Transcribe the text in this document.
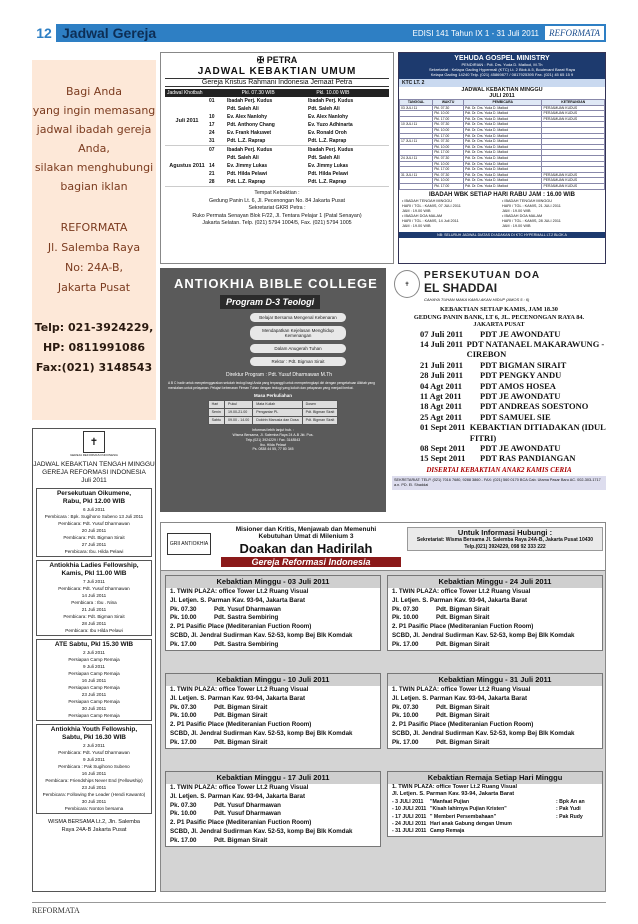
12 Jadwal Gereja	EDISI 141 Tahun IX 1 - 31 Juli 2011	REFORMATA
Bagi Anda
yang ingin memasang
jadwal ibadah gereja
Anda,
silakan menghubungi
bagian iklan
REFORMATA
Jl. Salemba Raya
No: 24A-B,
Jakarta Pusat
Telp: 021-3924229,
HP: 0811991086
Fax:(021) 3148543
✝
GEREJA REFORMASI INDONESIA
JADWAL KEBAKTIAN TENGAH MINGGU
GEREJA REFORMASI INDONESIA
Juli 2011
Persekutuan Oikumene,
Rabu, Pkl 12.00 WIB
6 Juli 2011
Pembicara : Bpk. Sugihono Subeno 13 Juli 2011
Pembicara: Pdt. Yusuf Dharmawan
20 Juli 2011
Pembicara: Pdt. Bigman Sirait
27 Juli 2011
Pembicara: Ibu. Hilda Pelawi
Antiokhia Ladies Fellowship,
Kamis, Pkl 11.00 WIB
7 Juli 2011
Pembicara: Pdt. Yusuf Dharmawan
14 Juli 2011
Pembicara : Ibu . Nina
21 Juli 2011
Pembicara: Pdt. Bigman Sirait
28 Juli 2011
Pembicara: Ibu Hilda Pelawi
ATE Sabtu, Pkl 15.30 WIB
2 Juli 2011
Persiapan Camp Remaja
9 Juli 2011
Persiapan Camp Remaja
16 Juli 2011
Persiapan Camp Remaja
23 Juli 2011
Persiapan Camp Remaja
30 Juli 2011
Persiapan Camp Remaja
Antiokhia Youth Fellowship,
Sabtu, Pkl 16.30 WIB
2 Juli 2011
Pembicara: Pdt. Yusuf Dharmawan
9 Juli 2011
Pembicara : Pak Sugihono Subeno
16 Juli 2011
Pembicara: Friendships Never End (Fellowship)
23 Juli 2011
Pembicara: Following the Leader (Hendi Kawanto)
30 Juli 2011
Pembicara: Nonton bersama
WISMA BERSAMA Lt.2, Jln. Salemba
Raya 24A-B Jakarta Pusat
✠ PETRA
JADWAL KEBAKTIAN UMUM
Gereja Kristus Rahmani Indonesia Jemaat Petra
Jadwal Khotbah	Pkl. 07.30 WIB	Pkl. 10.00 WIB
Juli 2011
01	Ibadah Perj. Kudus	Ibadah Perj. Kudus
Pdt. Saleh Ali	Pdt. Saleh Ali
10	Ev. Alex Nanlohy	Ev. Alex Nanlohy
17	Pdt. Anthony Chang	Ev. Yuzo Adhinarta
24	Ev. Frank Hakuwet	Ev. Ronald Oroh
31	Pdt. L.Z. Raprap	Pdt. L.Z. Raprap
Agustus 2011
07	Ibadah Perj. Kudus	Ibadah Perj. Kudus
Pdt. Saleh Ali	Pdt. Saleh Ali
14	Ev. Jimmy Lukas	Ev. Jimmy Lukas
21	Pdt. Hilda Pelawi	Pdt. Hilda Pelawi
28	Pdt. L.Z. Raprap	Pdt. L.Z. Raprap
Tempat Kebaktian :
Gedung Panin Lt. 6, Jl. Pecenongan No. 84 Jakarta Pusat
Sekretariat GKRI Petra :
Ruko Permata Senayan Blok F/22, Jl. Tentara Pelajar 1 (Patal Senayan)
Jakarta Selatan. Telp. (021) 5794 1004/5, Fax. (021) 5794 1005
YEHUDA GOSPEL MINISTRY
PENDIRIAN : Pdt. Drs. Yuda D. Mailool, M.Th
Sekretariat : Kelapa Gading Hypermall (KTC) Lt. 2 Blok A.5, Boulevard Barat Raya
Kelapa Gading 14240 Telp. (021) 45869877 / 0817925395 Fax. (021) 45 65 15 9
KTC LT. 2
JADWAL KEBAKTIAN MINGGU
JULI 2011
TANGGAL	WAKTU	PEMBICARA	KETERANGAN
03 JULI 11	Pkl. 07.30	Pdt. Dr. Drs. Yuda D. Mailool	PERJAMUAN KUDUS
	Pkl. 10.00	Pdt. Dr. Drs. Yuda D. Mailool	PERJAMUAN KUDUS
	Pkl. 17.00	Pdt. Dr. Drs. Yuda D. Mailool	PERJAMUAN KUDUS
10 JULI 11	Pkl. 07.30	Pdt. Dr. Drs. Yuda D. Mailool	
	Pkl. 10.00	Pdt. Dr. Drs. Yuda D. Mailool	
	Pkl. 17.00	Pdt. Dr. Drs. Yuda D. Mailool	
17 JULI 11	Pkl. 07.30	Pdt. Dr. Drs. Yuda D. Mailool	
	Pkl. 10.00	Pdt. Dr. Drs. Yuda D. Mailool	
	Pkl. 17.00	Pdt. Dr. Drs. Yuda D. Mailool	
24 JULI 11	Pkl. 07.30	Pdt. Dr. Drs. Yuda D. Mailool	
	Pkl. 10.00	Pdt. Dr. Drs. Yuda D. Mailool	
	Pkl. 17.00	Pdt. Dr. Drs. Yuda D. Mailool	
31 JULI 11	Pkl. 07.30	Pdt. Dr. Drs. Yuda D. Mailool	PERJAMUAN KUDUS
	Pkl. 10.00	Pdt. Dr. Drs. Yuda D. Mailool	PERJAMUAN KUDUS
	Pkl. 17.00	Pdt. Dr. Drs. Yuda D. Mailool	PERJAMUAN KUDUS
IBADAH WBK SETIAP HARI RABU JAM : 16.00 WIB
• IBADAH TENGAH MINGGU
HARI / TGL : KAMIS, 07 JULI 2011
JAM : 19.00 WIB
• IBADAH DOA MALAM
HARI / TGL : KAMIS, 14 Juli 2011
JAM : 19.00 WIB
• IBADAH TENGAH MINGGU
HARI / TGL : KAMIS, 21 JULI 2011
JAM : 19.00 WIB
• IBADAH DOA MALAM
HARI / TGL : KAMIS, 28 JULI 2011
JAM : 19.00 WIB
NB: SELURUH JADWAL DIATAS DI ADAKAN DI KTC HYPERMALL LT.2 BLOK A
ANTIOKHIA BIBLE COLLEGE
Program D-3 Teologi
Belajar Bersama Mengenal Kebenaran
Mendapatkan Kejelasan Menghidup Kemenangan
Dalam Anugerah Tuhan
Rektor : Pdt. Bigman Sirait
Direktur Program : Pdt. Yusuf Dharmawan M.Th
A B C hadir untuk menyelenggarakan sekolah teologi bagi Anda yang terpanggil untuk memperlengkapi diri dengan pengetahuan Alkitab yang mendalam untuk pelayanan. Pelajari kebenaran Firman Tuhan dengan teologi yang kokoh dan pelayanan yang menjadi berkat.
Masa Perkuliahan
Hari	Pukul	Mata Kuliah	Dosen
Senin	19.00-21.00	Pengantar PL	Pdt. Bigman Sirait
Sabtu	09.00 - 14.00	Doktrin Manusia dan Dosa	Pdt. Bigman Sirait
Informasi lebih lanjut hub. :
Wisma Bersama, Jl. Salemba Raya 24 A-B Jkt. Pus.
Telp.(021) 3924229 / Fax. 3148543
Ibu. Hilda Pelawi
Ps. 0838 44 55, 77 80 345
✝
PERSEKUTUAN DOA
EL SHADDAI
CAHAYA TUHAN MAKA KAMU AKAN HIDUP (AMOS 5 : 6)
KEBAKTIAN SETIAP KAMIS, JAM 18.30
GEDUNG PANIN BANK, LT 6, JL. PECENONGAN RAYA 84.
JAKARTA PUSAT
07 Juli 2011	PDT JE AWONDATU
14 Juli 2011 PDT NATANAEL MAKARAWUNG - CIREBON
21 Juli 2011	PDT BIGMAN SIRAIT
28 Juli 2011	PDT PENGKY ANDU
04 Agt 2011	PDT AMOS HOSEA
11 Agt 2011	PDT JE AWONDATU
18 Agt 2011	PDT ANDREAS SOESTONO
25 Agt 2011	PDT SAMUEL SIE
01 Sept 2011 KEBAKTIAN DITIADAKAN (IDUL FITRI)
08 Sept 2011	PDT JE AWONDATU
15 Sept 2011	PDT RAS PANDIANGAN
DISERTAI KEBAKTIAN ANAK2 KAMIS CERIA
SEKRETARIAT: TELP. (021) 7016 7680, 9288 3860 - FAX: (021) 560 0170 BCA Cab. Utama Pasar Baru AC. 002-303-1717 a.n. PD. El. Shaddai
GRII ANTIOKHIA
Misioner dan Kritis, Menjawab dan Memenuhi Kebutuhan Umat di Milenium 3
Doakan dan Hadirilah
Gereja Reformasi Indonesia
Untuk Informasi Hubungi :
Sekretariat: Wisma Bersama Jl. Salemba Raya 24A-B, Jakarta Pusat 10430
Telp.(021) 3924229, 098 92 333 222
Kebaktian Minggu - 03 Juli 2011
1. TWIN PLAZA: office Tower Lt.2 Ruang Visual
Jl. Letjen. S. Parman Kav. 93-94, Jakarta Barat
Pk. 07.30	Pdt. Yusuf Dharmawan
Pk. 10.00	Pdt. Sastra Sembiring
2. P1 Pasific Place (Mediteranian Fuction Room)
SCBD, Jl. Jendral Sudirman Kav. 52-53, komp Bej Blk Komdak
Pk. 17.00	Pdt. Sastra Sembiring
Kebaktian Minggu - 24 Juli 2011
1. TWIN PLAZA: office Tower Lt.2 Ruang Visual
Jl. Letjen. S. Parman Kav. 93-94, Jakarta Barat
Pk. 07.30	Pdt. Bigman Sirait
Pk. 10.00	Pdt. Bigman Sirait
2. P1 Pasific Place (Mediteranian Fuction Room)
SCBD, Jl. Jendral Sudirman Kav. 52-53, komp Bej Blk Komdak
Pk. 17.00	Pdt. Bigman Sirait
Kebaktian Minggu - 10 Juli 2011
1. TWIN PLAZA: office Tower Lt.2 Ruang Visual
Jl. Letjen. S. Parman Kav. 93-94, Jakarta Barat
Pk. 07.30	Pdt. Bigman Sirait
Pk. 10.00	Pdt. Bigman Sirait
2. P1 Pasific Place (Mediteranian Fuction Room)
SCBD, Jl. Jendral Sudirman Kav. 52-53, komp Bej Blk Komdak
Pk. 17.00	Pdt. Bigman Sirait
Kebaktian Minggu - 31 Juli 2011
1. TWIN PLAZA: office Tower Lt.2 Ruang Visual
Jl. Letjen. S. Parman Kav. 93-94, Jakarta Barat
Pk. 07.30	Pdt. Bigman Sirait
Pk. 10.00	Pdt. Bigman Sirait
2. P1 Pasific Place (Mediteranian Fuction Room)
SCBD, Jl. Jendral Sudirman Kav. 52-53, komp Bej Blk Komdak
Pk. 17.00	Pdt. Bigman Sirait
Kebaktian Minggu - 17 Juli 2011
1. TWIN PLAZA: office Tower Lt.2 Ruang Visual
Jl. Letjen. S. Parman Kav. 93-94, Jakarta Barat
Pk. 07.30	Pdt. Yusuf Dharmawan
Pk. 10.00	Pdt. Yusuf Dharmawan
2. P1 Pasific Place (Mediteranian Fuction Room)
SCBD, Jl. Jendral Sudirman Kav. 52-53, komp Bej Blk Komdak
Pk. 17.00	Pdt. Bigman Sirait
Kebaktian Remaja Setiap Hari Minggu
1. TWIN PLAZA: office Tower Lt.2 Ruang Visual
Jl. Letjen. S. Parman Kav. 93-94, Jakarta Barat
- 3 JULI 2011	"Manfaat Pujian	: Bpk An an
- 10 JULI 2011 "Kisah lahirnya Pujian Kristen"	: Pak Yudi
- 17 JULI 2011 " Memberi Persembahaan"	: Pak Rudy
- 24 JULI 2011 Hari anak Gabung dengan Umum
- 31 JULI 2011 Camp Remaja
REFORMATA
